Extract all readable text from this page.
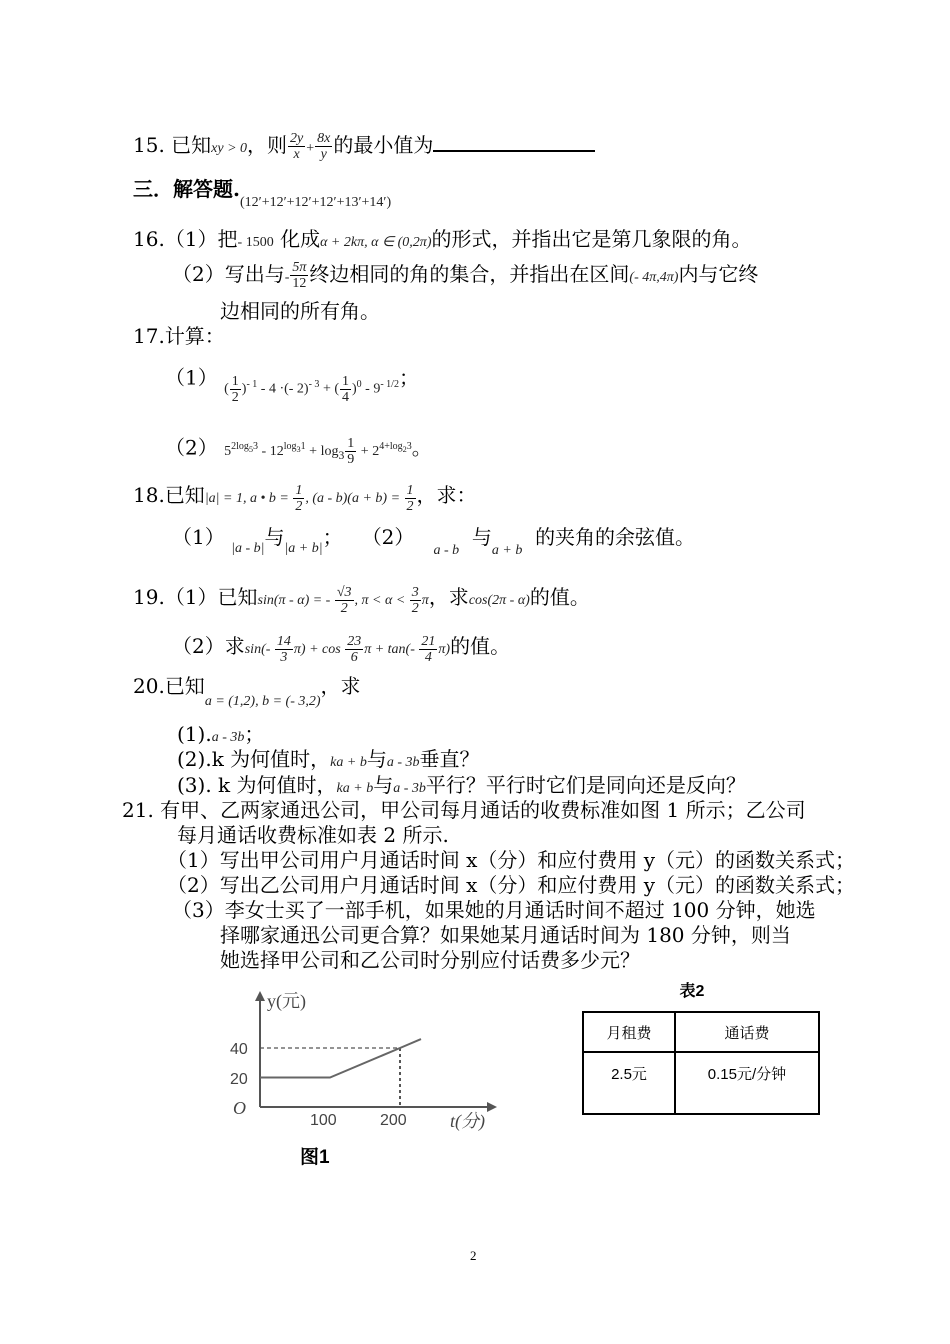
15. 已知xy > 0，则 $\frac{2y}{x} + \frac{8x}{y}$ 的最小值为
三．解答题$._{(12'+12'+12'+12'+13'+14')}$
16.（1）把- 1500 化成α + 2kπ, α ∈ (0,2π)的形式，并指出它是第几象限的角。
（2）写出与- $\frac{5\pi}{12}$ 终边相同的角的集合，并指出在区间(- 4π,4π)内与它终
边相同的所有角。
17.计算：
（1） ( $\frac{1}{2} )^{- 1} - 4$ ·(- 2)$^{- 3}$ + ( $\frac{1}{4} )^0 - 9^{- 1/2}$；
（2） $5^{2log_53} - 12^{log_31} + \log_3 \frac{1}{9} + 2^{4+log_23}$。
18.已知|a| = 1, a • $b = \frac{1}{2}$ , $(a - b)(a + b) = \frac{1}{2}$ ，求：
（1） $_{|a - b|}$与$_{|a + b|}$； （2）   $_{a - b}$  与$_{a + b}$  的夹角的余弦值。
19.（1）已知sin(π - α) = - $\frac{√3}{2}$ , $\pi < \alpha < \frac{3}{2}$ π，求cos(2π - α)的值。
（2）求$\sin(- \frac{14}{3} \pi) + \cos \frac{23}{6}$ $\pi + \tan(- \frac{21}{4} \pi)$的值。
20.已知$_{a = (1,2), b = (- 3,2)}$，求
(1).a - 3b；
(2).k 为何值时，ka + b与a - 3b垂直？
(3). k 为何值时，ka + b与a - 3b平行？平行时它们是同向还是反向？
21. 有甲、乙两家通迅公司，甲公司每月通话的收费标准如图 1 所示；乙公司
每月通话收费标准如表 2 所示.
（1）写出甲公司用户月通话时间 x（分）和应付费用 y（元）的函数关系式；
（2）写出乙公司用户月通话时间 x（分）和应付费用 y（元）的函数关系式；
（3）李女士买了一部手机，如果她的月通话时间不超过 100 分钟，她选
择哪家通迅公司更合算？如果她某月通话时间为 180 分钟，则当
她选择甲公司和乙公司时分别应付话费多少元？
y(元)
40
20
O
100	200 t(分)
图1
表2
月租费	通话费
2.5元	0.15元/分钟
2
